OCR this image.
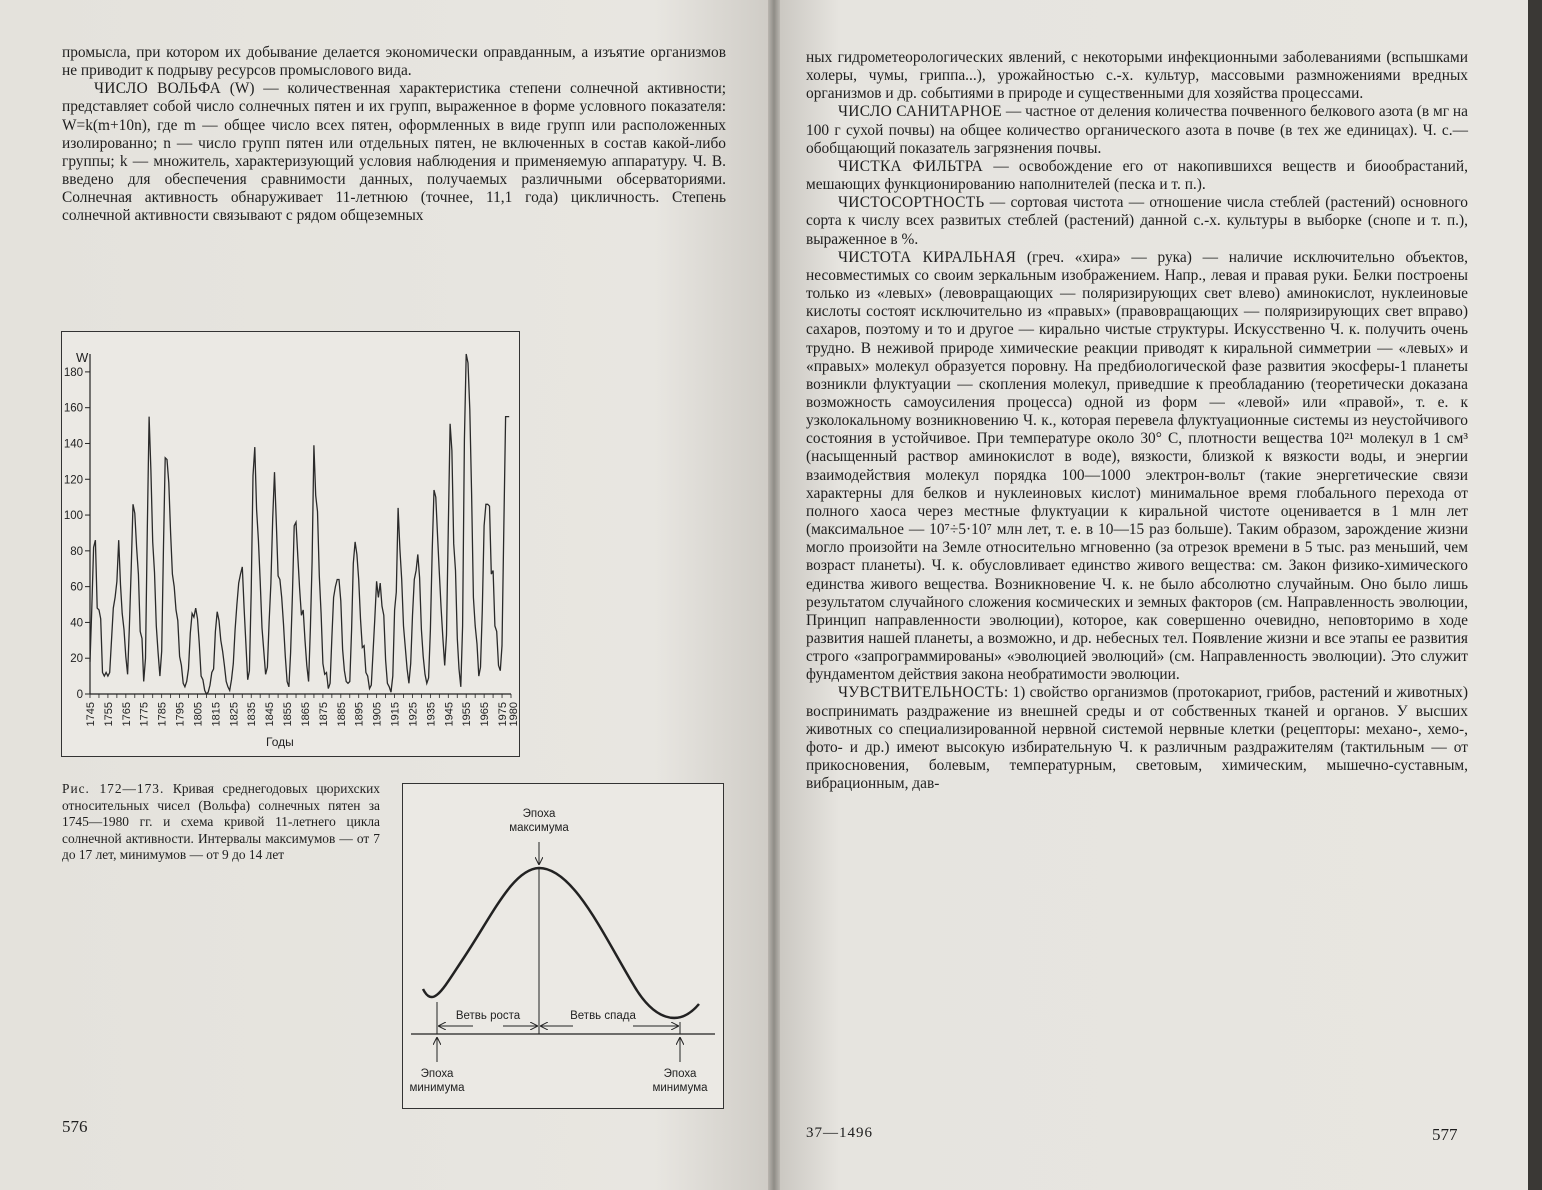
промысла, при котором их добывание делается экономически оправданным, а изъятие организмов не приводит к подрыву ресурсов промыслового вида.

ЧИСЛО ВОЛЬФА (W) — количественная характеристика степени солнечной активности; представляет собой число солнечных пятен и их групп, выраженное в форме условного показателя: W=k(m+10n), где m — общее число всех пятен, оформленных в виде групп или расположенных изолированно; n — число групп пятен или отдельных пятен, не включенных в состав какой-либо группы; k — множитель, характеризующий условия наблюдения и применяемую аппаратуру. Ч. В. введено для обеспечения сравнимости данных, получаемых различными обсерваториями. Солнечная активность обнаруживает 11-летнюю (точнее, 11,1 года) цикличность. Степень солнечной активности связывают с рядом общеземных

ных гидрометеорологических явлений, с некоторыми инфекционными заболеваниями (вспышками холеры, чумы, гриппа...), урожайностью с.-х. культур, массовыми размножениями вредных организмов и др. событиями в природе и существенными для хозяйства процессами.

ЧИСЛО САНИТАРНОЕ — частное от деления количества почвенного белкового азота (в мг на 100 г сухой почвы) на общее количество органического азота в почве (в тех же единицах). Ч. с.— обобщающий показатель загрязнения почвы.

ЧИСТКА ФИЛЬТРА — освобождение его от накопившихся веществ и биообрастаний, мешающих функционированию наполнителей (песка и т. п.).

ЧИСТОСОРТНОСТЬ — сортовая чистота — отношение числа стеблей (растений) основного сорта к числу всех развитых стеблей (растений) данной с.-х. культуры в выборке (снопе и т. п.), выраженное в %.

ЧИСТОТА КИРАЛЬНАЯ (греч. «хира» — рука) — наличие исключительно объектов, несовместимых со своим зеркальным изображением. Напр., левая и правая руки. Белки построены только из «левых» (левовращающих — поляризирующих свет влево) аминокислот, нуклеиновые кислоты состоят исключительно из «правых» (правовращающих — поляризирующих свет вправо) сахаров, поэтому и то и другое — кирально чистые структуры. Искусственно Ч. к. получить очень трудно. В неживой природе химические реакции приводят к киральной симметрии — «левых» и «правых» молекул образуется поровну. На предбиологической фазе развития экосферы-1 планеты возникли флуктуации — скопления молекул, приведшие к преобладанию (теоретически доказана возможность самоусиления процесса) одной из форм — «левой» или «правой», т. е. к узколокальному возникновению Ч. к., которая перевела флуктуационные системы из неустойчивого состояния в устойчивое. При температуре около 30° С, плотности вещества 10²¹ молекул в 1 см³ (насыщенный раствор аминокислот в воде), вязкости, близкой к вязкости воды, и энергии взаимодействия молекул порядка 100—1000 электрон-вольт (такие энергетические связи характерны для белков и нуклеиновых кислот) минимальное время глобального перехода от полного хаоса через местные флуктуации к киральной чистоте оценивается в 1 млн лет (максимальное — 10⁷÷5·10⁷ млн лет, т. е. в 10—15 раз больше). Таким образом, зарождение жизни могло произойти на Земле относительно мгновенно (за отрезок времени в 5 тыс. раз меньший, чем возраст планеты). Ч. к. обусловливает единство живого вещества: см. Закон физико-химического единства живого вещества. Возникновение Ч. к. не было абсолютно случайным. Оно было лишь результатом случайного сложения космических и земных факторов (см. Направленность эволюции, Принцип направленности эволюции), которое, как совершенно очевидно, неповторимо в ходе развития нашей планеты, а возможно, и др. небесных тел. Появление жизни и все этапы ее развития строго «запрограммированы» «эволюцией эволюций» (см. Направленность эволюции). Это служит фундаментом действия закона необратимости эволюции.

ЧУВСТВИТЕЛЬНОСТЬ: 1) свойство организмов (протокариот, грибов, растений и животных) воспринимать раздражение из внешней среды и от собственных тканей и органов. У высших животных со специализированной нервной системой нервные клетки (рецепторы: механо-, хемо-, фото- и др.) имеют высокую избирательную Ч. к различным раздражителям (тактильным — от прикосновения, болевым, температурным, световым, химическим, мышечно-суставным, вибрационным, дав-

0
20
40
60
80
100
120
140
160
180
1745 1755 1765 1775 1785 1795 1805 1815 1825 1835 1845 1855 1865 1875 1885 1895 1905 1915 1925 1935 1945 1955 1965 1975
1980
W
Годы
Рис. 172—173. Кривая среднегодовых цюрихских относительных чисел (Вольфа) солнечных пятен за 1745—1980 гг. и схема кривой 11-летнего цикла солнечной активности. Интервалы максимумов — от 7 до 17 лет, минимумов — от 9 до 14 лет
Эпоха
максимума
Ветвь роста	Ветвь спада
Эпоха
минимума
Эпоха
минимума
576	37—1496	577
